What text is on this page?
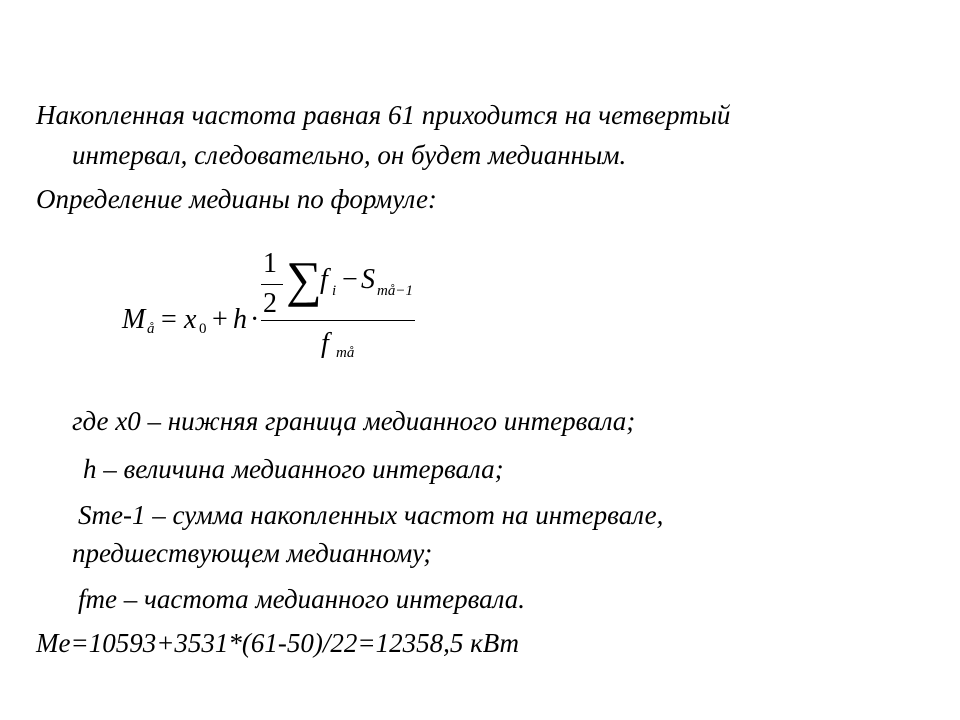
Накопленная частота равная 61 приходится на четвертый
интервал, следовательно, он будет медианным.
Определение медианы по формуле:
M å = x 0 + h ·
1
2 ∑
f i − S må−1
f må
где x0 – нижняя граница медианного интервала;
h – величина медианного интервала;
Sme-1 – сумма накопленных частот на интервале,
предшествующем медианному;
fme – частота медианного интервала.
Me=10593+3531*(61-50)/22=12358,5 кВт
